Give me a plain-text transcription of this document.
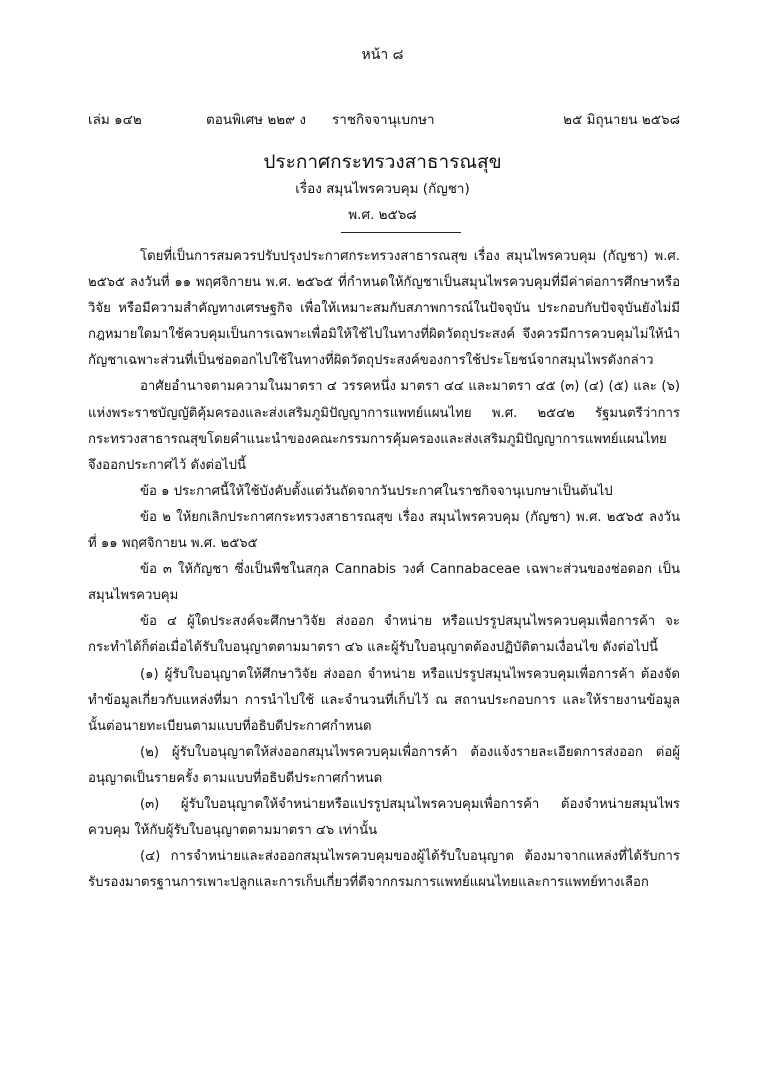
หน้า ๘
เล่ม ๑๔๒	ตอนพิเศษ ๒๒๙ ง ราชกิจจานุเบกษา	๒๕ มิถุนายน ๒๕๖๘
ประกาศกระทรวงสาธารณสุข
เรื่อง สมุนไพรควบคุม (กัญชา)
พ.ศ. ๒๕๖๘

โดยที่เป็นการสมควรปรับปรุงประกาศกระทรวงสาธารณสุข เรื่อง สมุนไพรควบคุม (กัญชา) พ.ศ. ๒๕๖๕ ลงวันที่ ๑๑ พฤศจิกายน พ.ศ. ๒๕๖๕ ที่กำหนดให้กัญชาเป็นสมุนไพรควบคุมที่มีค่าต่อการศึกษาหรือวิจัย หรือมีความสำคัญทางเศรษฐกิจ เพื่อให้เหมาะสมกับสภาพการณ์ในปัจจุบัน ประกอบกับปัจจุบันยังไม่มีกฎหมายใดมาใช้ควบคุมเป็นการเฉพาะเพื่อมิให้ใช้ไปในทางที่ผิดวัตถุประสงค์ จึงควรมีการควบคุมไม่ให้นำกัญชาเฉพาะส่วนที่เป็นช่อดอกไปใช้ในทางที่ผิดวัตถุประสงค์ของการใช้ประโยชน์จากสมุนไพรดังกล่าว

อาศัยอำนาจตามความในมาตรา ๔ วรรคหนึ่ง มาตรา ๔๔ และมาตรา ๔๕ (๓) (๔) (๕) และ (๖) แห่งพระราชบัญญัติคุ้มครองและส่งเสริมภูมิปัญญาการแพทย์แผนไทย พ.ศ. ๒๕๔๒ รัฐมนตรีว่าการกระทรวงสาธารณสุขโดยคำแนะนำของคณะกรรมการคุ้มครองและส่งเสริมภูมิปัญญาการแพทย์แผนไทย จึงออกประกาศไว้ ดังต่อไปนี้

ข้อ ๑ ประกาศนี้ให้ใช้บังคับตั้งแต่วันถัดจากวันประกาศในราชกิจจานุเบกษาเป็นต้นไป

ข้อ ๒ ให้ยกเลิกประกาศกระทรวงสาธารณสุข เรื่อง สมุนไพรควบคุม (กัญชา) พ.ศ. ๒๕๖๕ ลงวันที่ ๑๑ พฤศจิกายน พ.ศ. ๒๕๖๕

ข้อ ๓ ให้กัญชา ซึ่งเป็นพืชในสกุล Cannabis วงศ์ Cannabaceae เฉพาะส่วนของช่อดอก เป็นสมุนไพรควบคุม

ข้อ ๔ ผู้ใดประสงค์จะศึกษาวิจัย ส่งออก จำหน่าย หรือแปรรูปสมุนไพรควบคุมเพื่อการค้า จะกระทำได้ก็ต่อเมื่อได้รับใบอนุญาตตามมาตรา ๔๖ และผู้รับใบอนุญาตต้องปฏิบัติตามเงื่อนไข ดังต่อไปนี้

(๑) ผู้รับใบอนุญาตให้ศึกษาวิจัย ส่งออก จำหน่าย หรือแปรรูปสมุนไพรควบคุมเพื่อการค้า ต้องจัดทำข้อมูลเกี่ยวกับแหล่งที่มา การนำไปใช้ และจำนวนที่เก็บไว้ ณ สถานประกอบการ และให้รายงานข้อมูลนั้นต่อนายทะเบียนตามแบบที่อธิบดีประกาศกำหนด

(๒) ผู้รับใบอนุญาตให้ส่งออกสมุนไพรควบคุมเพื่อการค้า ต้องแจ้งรายละเอียดการส่งออก ต่อผู้อนุญาตเป็นรายครั้ง ตามแบบที่อธิบดีประกาศกำหนด

(๓) ผู้รับใบอนุญาตให้จำหน่ายหรือแปรรูปสมุนไพรควบคุมเพื่อการค้า ต้องจำหน่ายสมุนไพรควบคุม ให้กับผู้รับใบอนุญาตตามมาตรา ๔๖ เท่านั้น

(๔) การจำหน่ายและส่งออกสมุนไพรควบคุมของผู้ได้รับใบอนุญาต ต้องมาจากแหล่งที่ได้รับการรับรองมาตรฐานการเพาะปลูกและการเก็บเกี่ยวที่ดีจากกรมการแพทย์แผนไทยและการแพทย์ทางเลือก
